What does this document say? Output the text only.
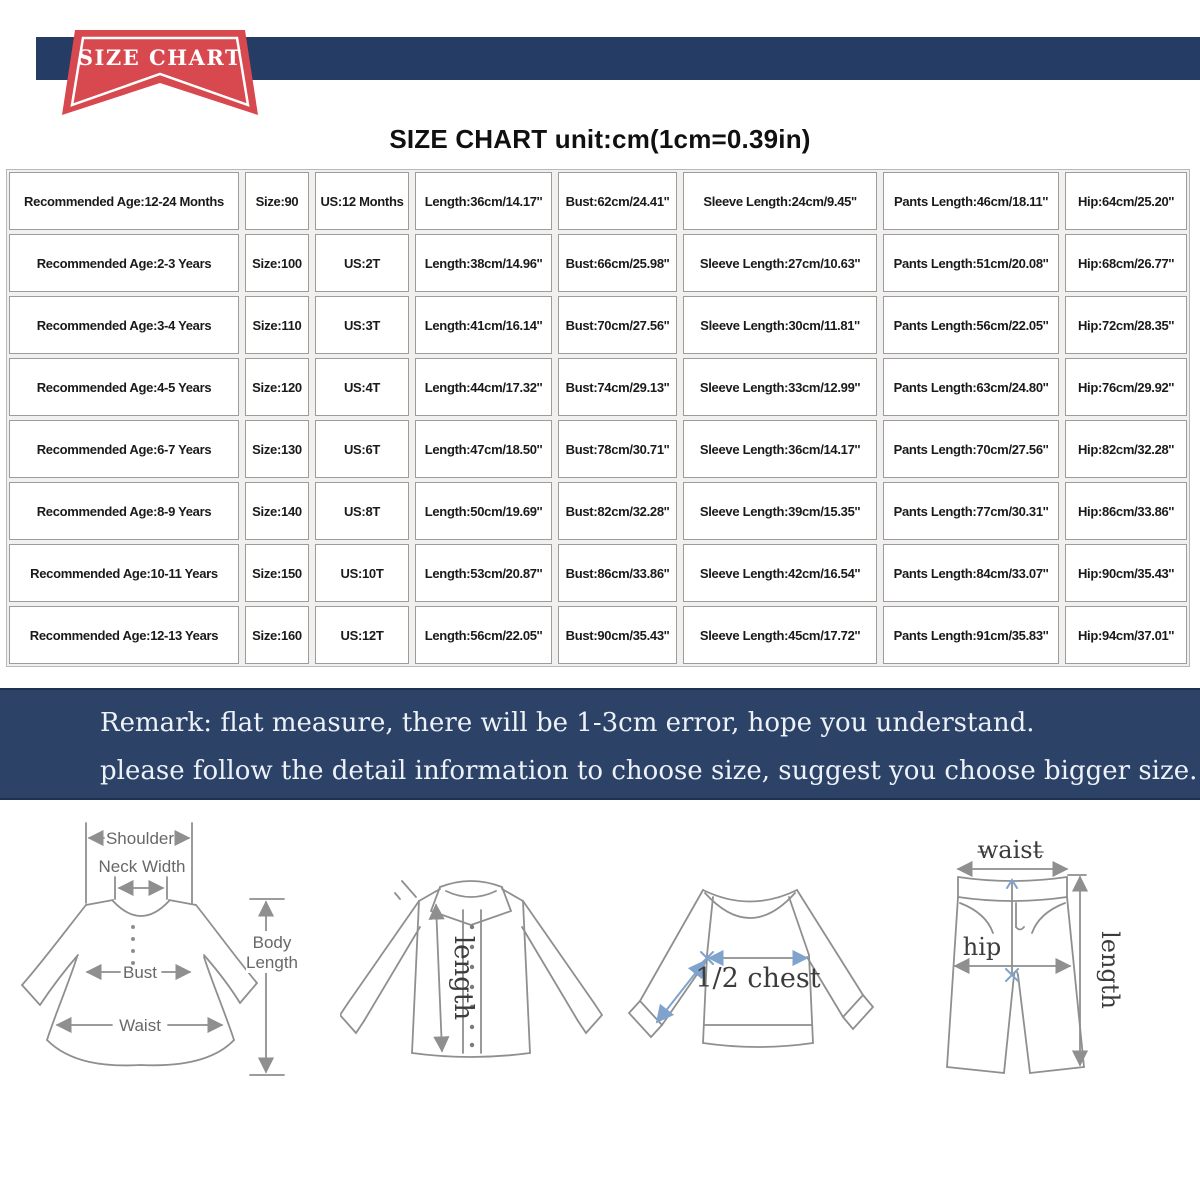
SIZE CHART
SIZE CHART unit:cm(1cm=0.39in)
Recommended Age:12-24 Months	Size:90	US:12 Months	Length:36cm/14.17''	Bust:62cm/24.41''	Sleeve Length:24cm/9.45''	Pants Length:46cm/18.11''	Hip:64cm/25.20''
Recommended Age:2-3 Years	Size:100	US:2T	Length:38cm/14.96''	Bust:66cm/25.98''	Sleeve Length:27cm/10.63''	Pants Length:51cm/20.08''	Hip:68cm/26.77''
Recommended Age:3-4 Years	Size:110	US:3T	Length:41cm/16.14''	Bust:70cm/27.56''	Sleeve Length:30cm/11.81''	Pants Length:56cm/22.05''	Hip:72cm/28.35''
Recommended Age:4-5 Years	Size:120	US:4T	Length:44cm/17.32''	Bust:74cm/29.13''	Sleeve Length:33cm/12.99''	Pants Length:63cm/24.80''	Hip:76cm/29.92''
Recommended Age:6-7 Years	Size:130	US:6T	Length:47cm/18.50''	Bust:78cm/30.71''	Sleeve Length:36cm/14.17''	Pants Length:70cm/27.56''	Hip:82cm/32.28''
Recommended Age:8-9 Years	Size:140	US:8T	Length:50cm/19.69''	Bust:82cm/32.28''	Sleeve Length:39cm/15.35''	Pants Length:77cm/30.31''	Hip:86cm/33.86''
Recommended Age:10-11 Years	Size:150	US:10T	Length:53cm/20.87''	Bust:86cm/33.86''	Sleeve Length:42cm/16.54''	Pants Length:84cm/33.07''	Hip:90cm/35.43''
Recommended Age:12-13 Years	Size:160	US:12T	Length:56cm/22.05''	Bust:90cm/35.43''	Sleeve Length:45cm/17.72''	Pants Length:91cm/35.83''	Hip:94cm/37.01''
Remark: flat measure, there will be 1-3cm error, hope you understand.
please follow the detail information to choose size, suggest you choose bigger size.
Shoulder
Neck Width
Bust
Waist
Body
Length	length	1/2 chest
waist
hip	length
